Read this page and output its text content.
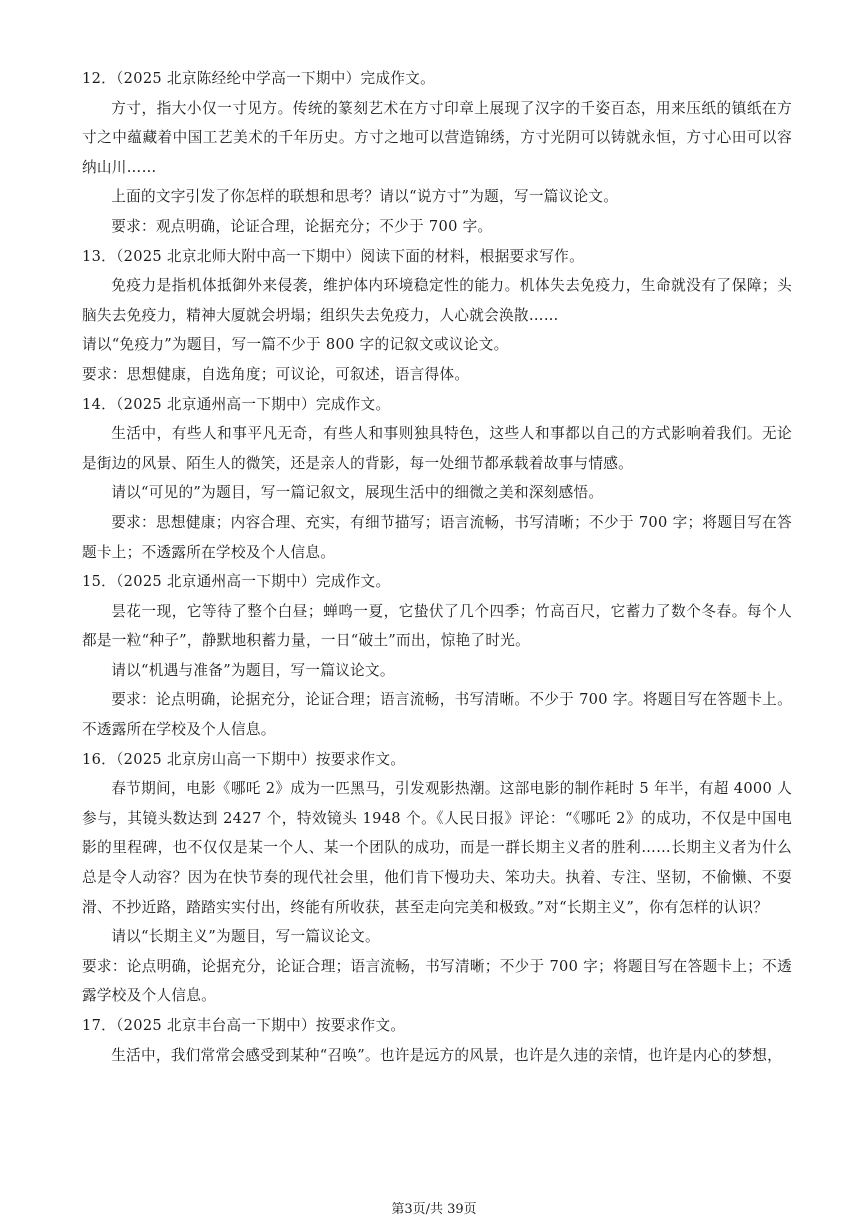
12．（2025 北京陈经纶中学高一下期中）完成作文。

方寸，指大小仅一寸见方。传统的篆刻艺术在方寸印章上展现了汉字的千姿百态，用来压纸的镇纸在方寸之中蕴藏着中国工艺美术的千年历史。方寸之地可以营造锦绣，方寸光阴可以铸就永恒，方寸心田可以容纳山川……

上面的文字引发了你怎样的联想和思考？请以“说方寸”为题，写一篇议论文。

要求：观点明确，论证合理，论据充分；不少于 700 字。

13．（2025 北京北师大附中高一下期中）阅读下面的材料，根据要求写作。

免疫力是指机体抵御外来侵袭，维护体内环境稳定性的能力。机体失去免疫力，生命就没有了保障；头脑失去免疫力，精神大厦就会坍塌；组织失去免疫力，人心就会涣散……

请以“免疫力”为题目，写一篇不少于 800 字的记叙文或议论文。

要求：思想健康，自选角度；可议论，可叙述，语言得体。

14．（2025 北京通州高一下期中）完成作文。

生活中，有些人和事平凡无奇，有些人和事则独具特色，这些人和事都以自己的方式影响着我们。无论是街边的风景、陌生人的微笑，还是亲人的背影，每一处细节都承载着故事与情感。

请以“可见的”为题目，写一篇记叙文，展现生活中的细微之美和深刻感悟。

要求：思想健康；内容合理、充实，有细节描写；语言流畅，书写清晰；不少于 700 字；将题目写在答题卡上；不透露所在学校及个人信息。

15．（2025 北京通州高一下期中）完成作文。

昙花一现，它等待了整个白昼；蝉鸣一夏，它蛰伏了几个四季；竹高百尺，它蓄力了数个冬春。每个人都是一粒“种子”，静默地积蓄力量，一日“破土”而出，惊艳了时光。

请以“机遇与准备”为题目，写一篇议论文。

要求：论点明确，论据充分，论证合理；语言流畅，书写清晰。不少于 700 字。将题目写在答题卡上。不透露所在学校及个人信息。

16．（2025 北京房山高一下期中）按要求作文。

春节期间，电影《哪吒 2》成为一匹黑马，引发观影热潮。这部电影的制作耗时 5 年半，有超 4000 人参与，其镜头数达到 2427 个，特效镜头 1948 个。《人民日报》评论：“《哪吒 2》的成功，不仅是中国电影的里程碑，也不仅仅是某一个人、某一个团队的成功，而是一群长期主义者的胜利……长期主义者为什么总是令人动容？因为在快节奏的现代社会里，他们肯下慢功夫、笨功夫。执着、专注、坚韧，不偷懒、不耍滑、不抄近路，踏踏实实付出，终能有所收获，甚至走向完美和极致。”对“长期主义”，你有怎样的认识？

请以“长期主义”为题目，写一篇议论文。

要求：论点明确，论据充分，论证合理；语言流畅，书写清晰；不少于 700 字；将题目写在答题卡上；不透露学校及个人信息。

17．（2025 北京丰台高一下期中）按要求作文。

生活中，我们常常会感受到某种“召唤”。也许是远方的风景，也许是久违的亲情，也许是内心的梦想，

第3页/共 39页
